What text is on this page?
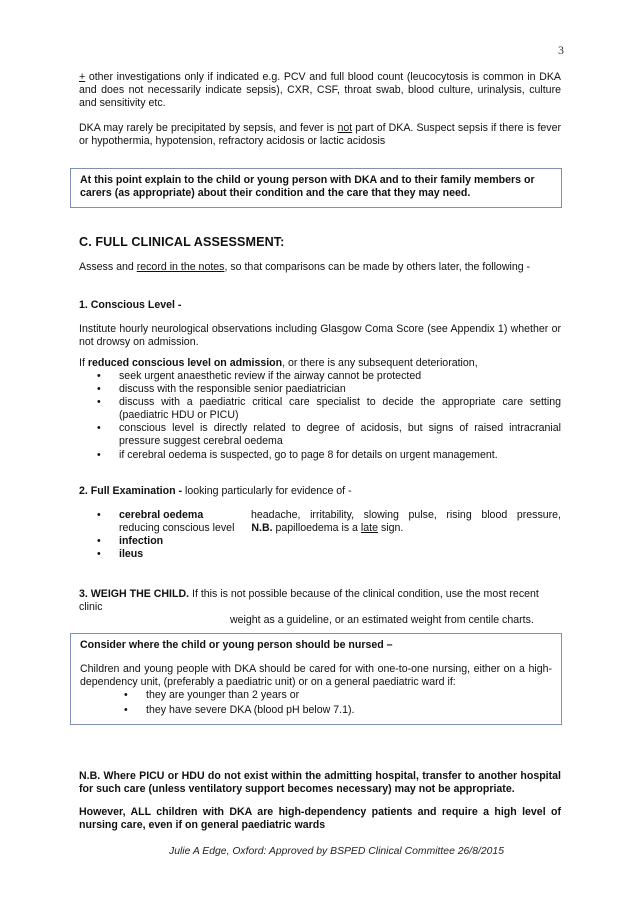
3

+ other investigations only if indicated e.g. PCV and full blood count (leucocytosis is common in DKA and does not necessarily indicate sepsis), CXR, CSF, throat swab, blood culture, urinalysis, culture and sensitivity etc.

DKA may rarely be precipitated by sepsis, and fever is not part of DKA. Suspect sepsis if there is fever or hypothermia, hypotension, refractory acidosis or lactic acidosis

At this point explain to the child or young person with DKA and to their family members or carers (as appropriate) about their condition and the care that they may need.

C. FULL CLINICAL ASSESSMENT:

Assess and record in the notes, so that comparisons can be made by others later, the following -

1. Conscious Level -

Institute hourly neurological observations including Glasgow Coma Score (see Appendix 1) whether or not drowsy on admission.

If reduced conscious level on admission, or there is any subsequent deterioration,

• seek urgent anaesthetic review if the airway cannot be protected

• discuss with the responsible senior paediatrician

• discuss with a paediatric critical care specialist to decide the appropriate care setting (paediatric HDU or PICU)

• conscious level is directly related to degree of acidosis, but signs of raised intracranial pressure suggest cerebral oedema

• if cerebral oedema is suspected, go to page 8 for details on urgent management.

2. Full Examination - looking particularly for evidence of -

• cerebral oedema	headache, irritability, slowing pulse, rising blood pressure, reducing conscious level N.B. papilloedema is a late sign.

• infection

• ileus

3. WEIGH THE CHILD. If this is not possible because of the clinical condition, use the most recent clinic

weight as a guideline, or an estimated weight from centile charts.

Consider where the child or young person should be nursed –

Children and young people with DKA should be cared for with one-to-one nursing, either on a high-dependency unit, (preferably a paediatric unit) or on a general paediatric ward if:

• they are younger than 2 years or

• they have severe DKA (blood pH below 7.1).

N.B. Where PICU or HDU do not exist within the admitting hospital, transfer to another hospital for such care (unless ventilatory support becomes necessary) may not be appropriate.

However, ALL children with DKA are high-dependency patients and require a high level of nursing care, even if on general paediatric wards

Julie A Edge, Oxford: Approved by BSPED Clinical Committee 26/8/2015
